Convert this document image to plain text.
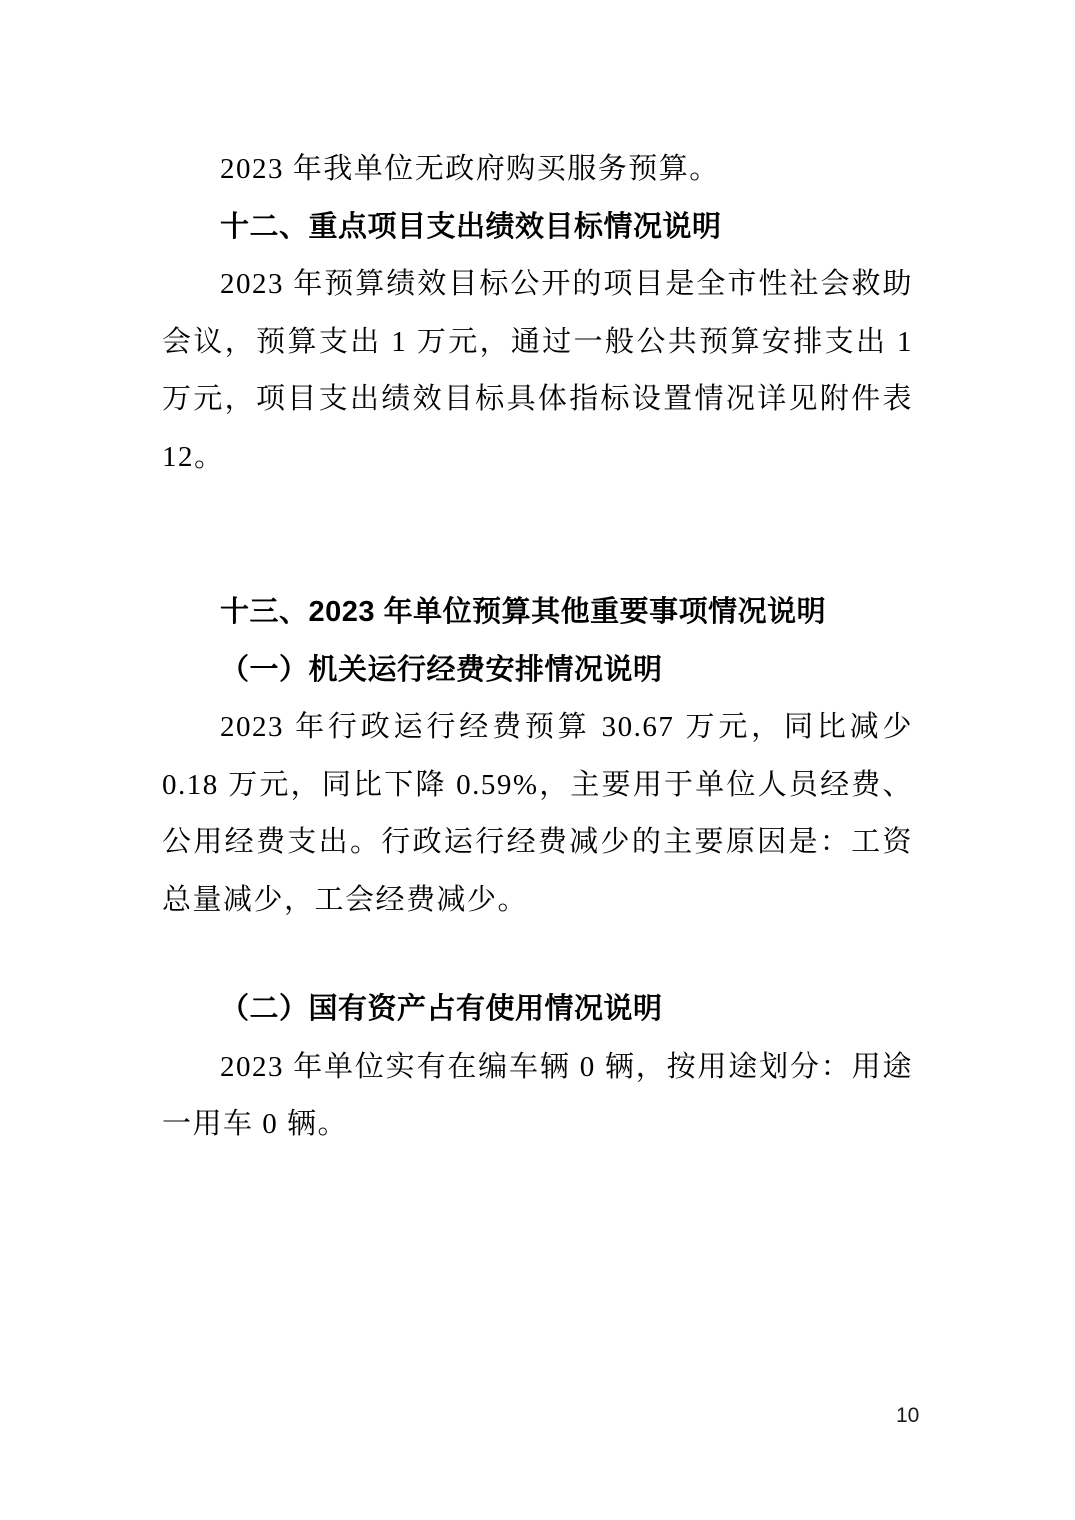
2023 年我单位无政府购买服务预算。

十二、重点项目支出绩效目标情况说明

2023 年预算绩效目标公开的项目是全市性社会救助会议，预算支出 1 万元，通过一般公共预算安排支出 1 万元，项目支出绩效目标具体指标设置情况详见附件表 12。

十三、2023 年单位预算其他重要事项情况说明

（一）机关运行经费安排情况说明

2023 年行政运行经费预算 30.67 万元，同比减少 0.18 万元，同比下降 0.59%，主要用于单位人员经费、公用经费支出。行政运行经费减少的主要原因是：工资总量减少，工会经费减少。

（二）国有资产占有使用情况说明

2023 年单位实有在编车辆 0 辆，按用途划分：用途一用车 0 辆。

10
